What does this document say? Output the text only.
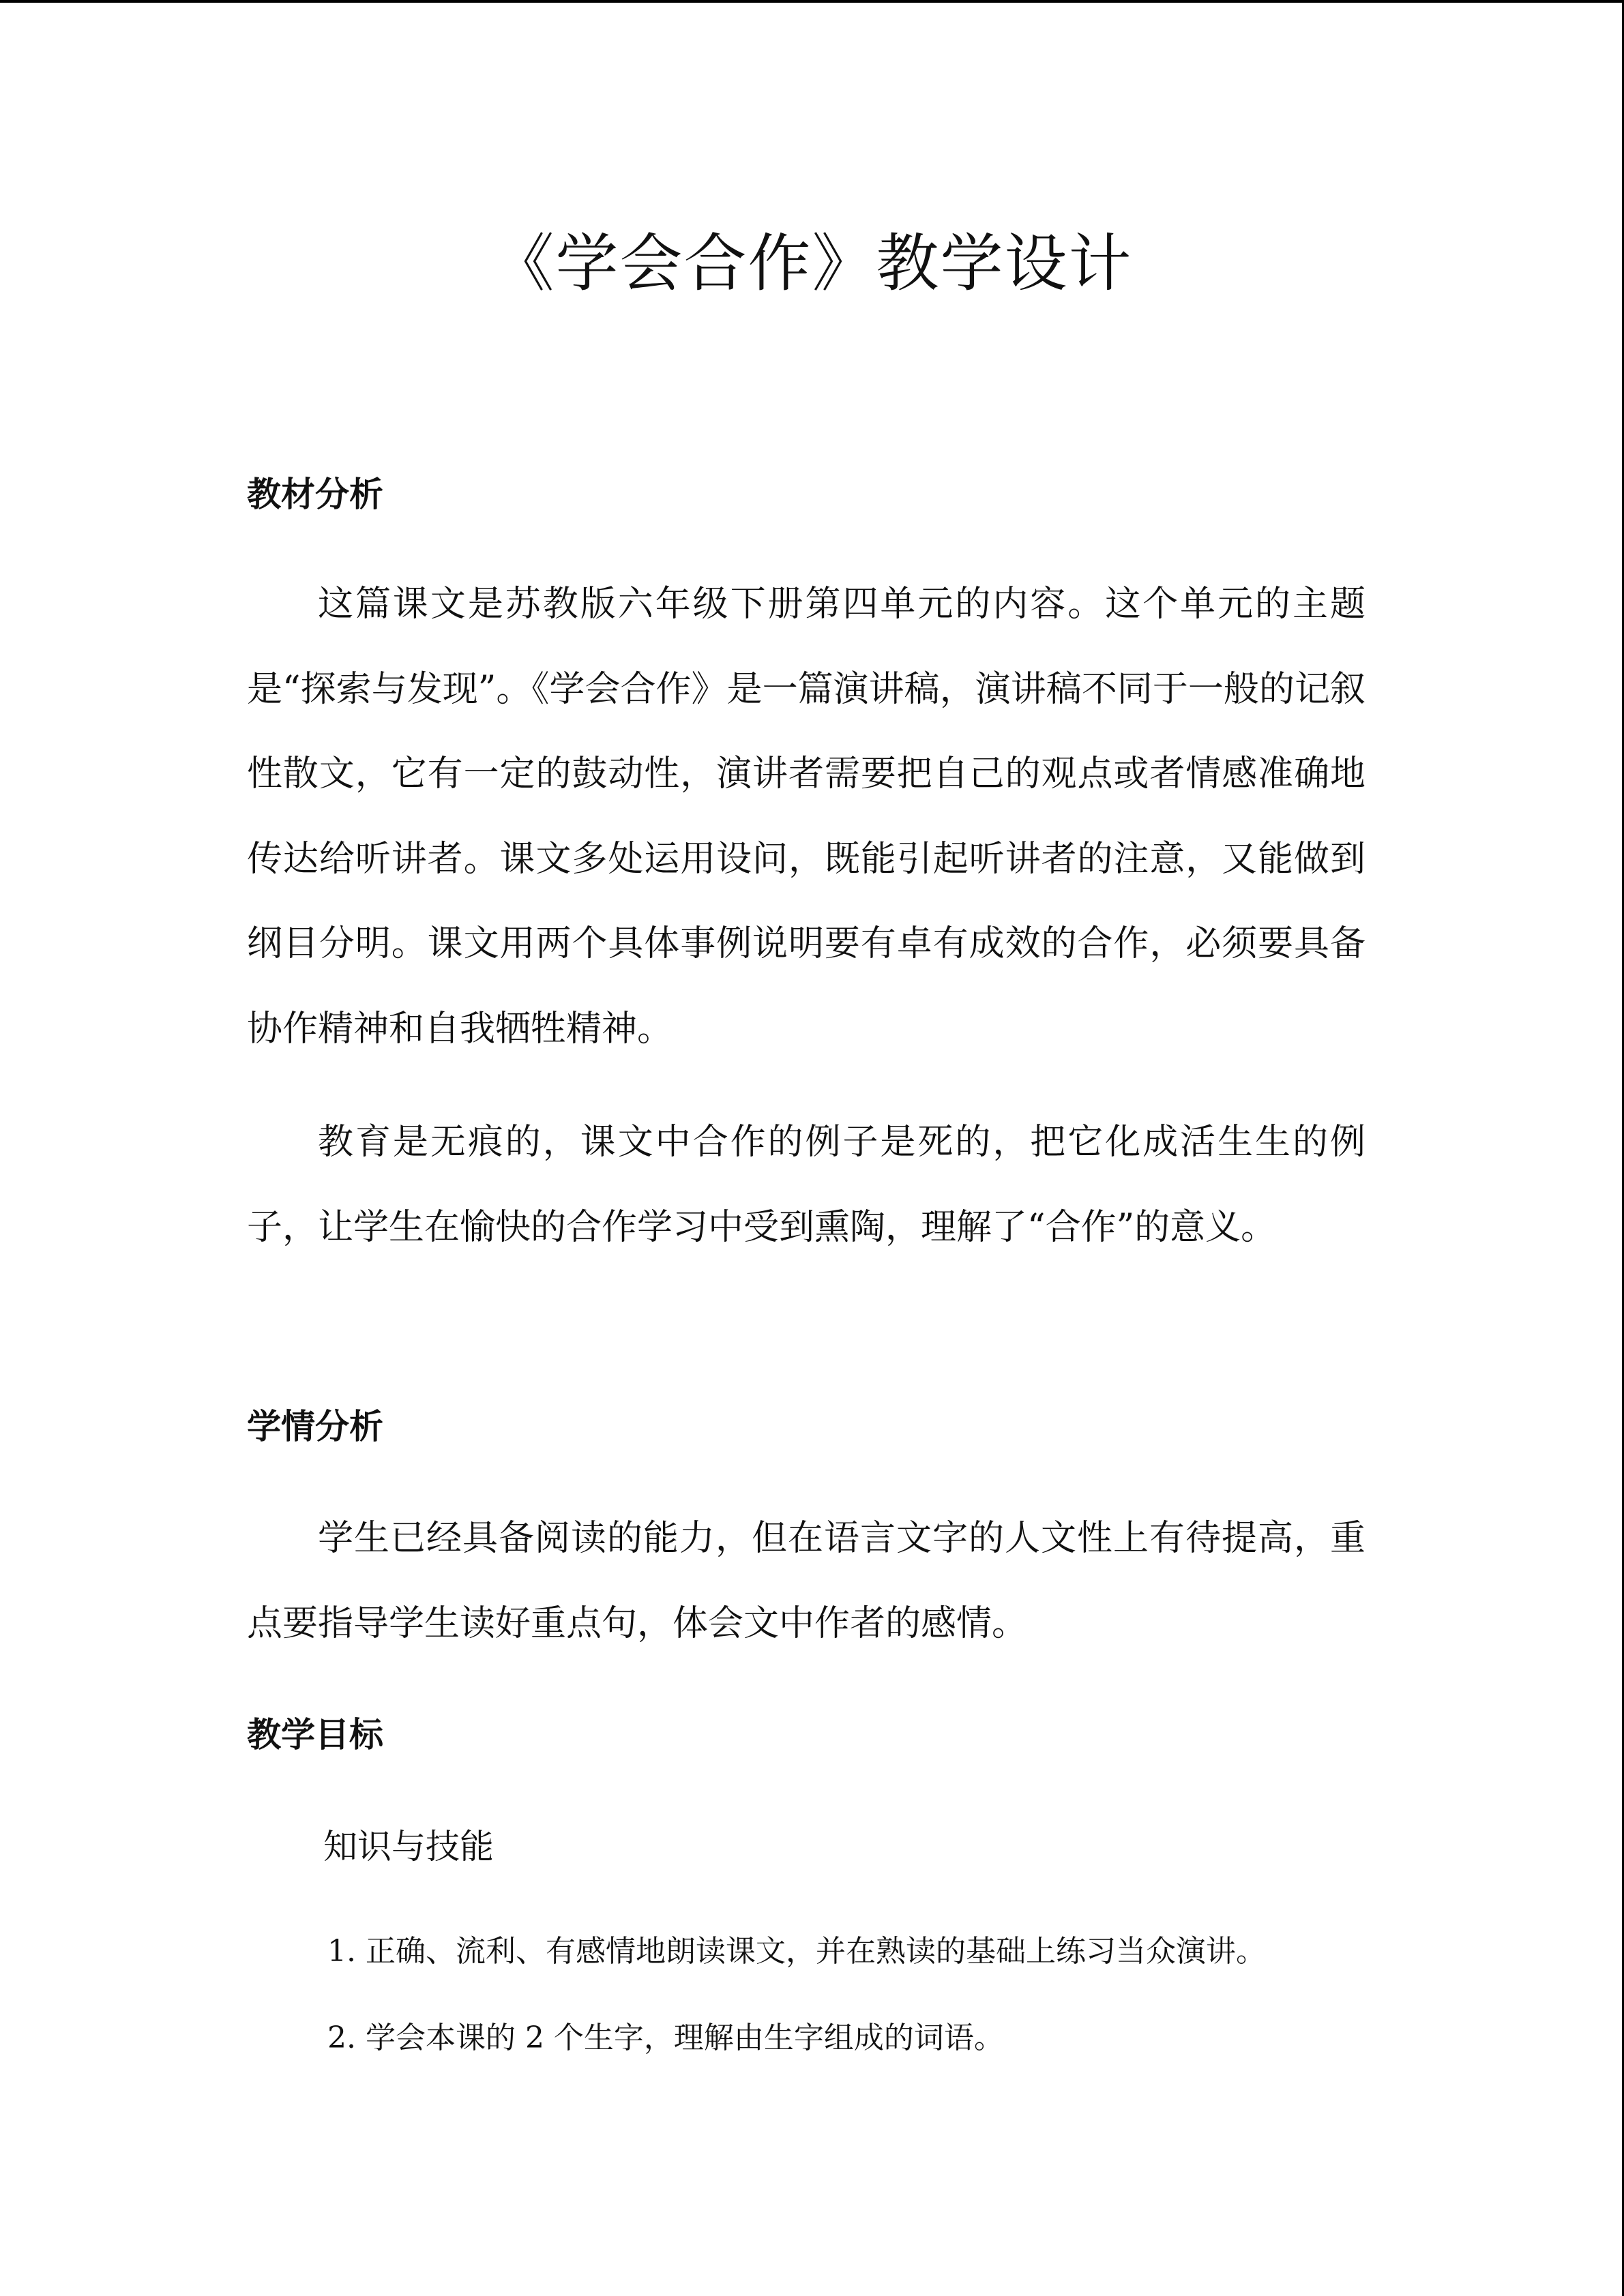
《学会合作》教学设计
教材分析

这篇课文是苏教版六年级下册第四单元的内容。这个单元的主题是“探索与发现”。《学会合作》是一篇演讲稿，演讲稿不同于一般的记叙性散文，它有一定的鼓动性，演讲者需要把自己的观点或者情感准确地传达给听讲者。课文多处运用设问，既能引起听讲者的注意，又能做到纲目分明。课文用两个具体事例说明要有卓有成效的合作，必须要具备协作精神和自我牺牲精神。

教育是无痕的，课文中合作的例子是死的，把它化成活生生的例子，让学生在愉快的合作学习中受到熏陶，理解了“合作”的意义。

学情分析

学生已经具备阅读的能力，但在语言文字的人文性上有待提高，重点要指导学生读好重点句，体会文中作者的感情。

教学目标
知识与技能
1. 正确、流利、有感情地朗读课文，并在熟读的基础上练习当众演讲。
2. 学会本课的 2 个生字，理解由生字组成的词语。
